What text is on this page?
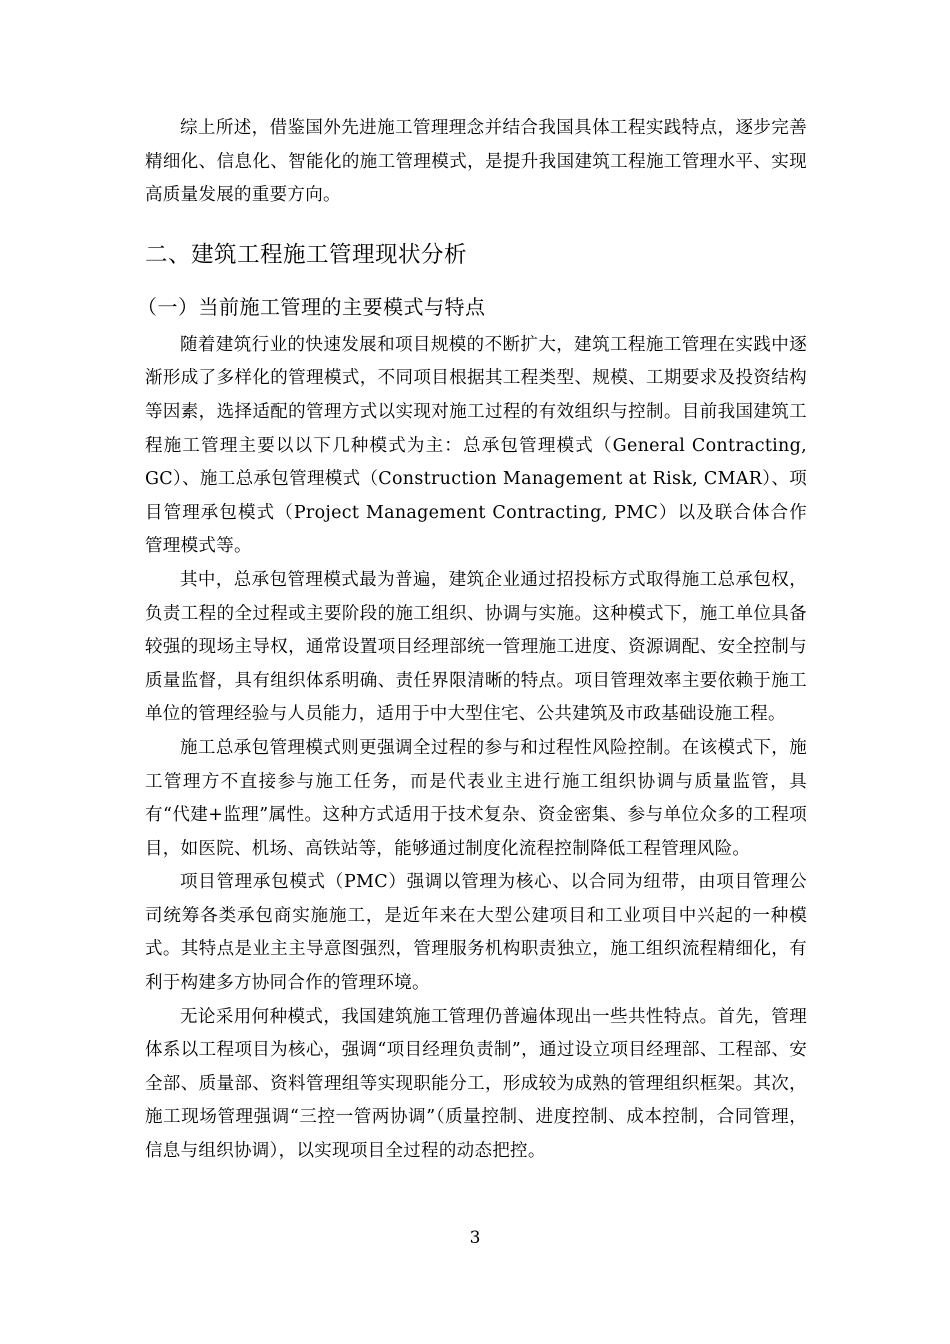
综上所述，借鉴国外先进施工管理理念并结合我国具体工程实践特点，逐步完善精细化、信息化、智能化的施工管理模式，是提升我国建筑工程施工管理水平、实现高质量发展的重要方向。

二、建筑工程施工管理现状分析
（一）当前施工管理的主要模式与特点

随着建筑行业的快速发展和项目规模的不断扩大，建筑工程施工管理在实践中逐渐形成了多样化的管理模式，不同项目根据其工程类型、规模、工期要求及投资结构等因素，选择适配的管理方式以实现对施工过程的有效组织与控制。目前我国建筑工程施工管理主要以以下几种模式为主：总承包管理模式（General Contracting, GC）、施工总承包管理模式（Construction Management at Risk, CMAR）、项目管理承包模式（Project Management Contracting, PMC）以及联合体合作管理模式等。

其中，总承包管理模式最为普遍，建筑企业通过招投标方式取得施工总承包权，负责工程的全过程或主要阶段的施工组织、协调与实施。这种模式下，施工单位具备较强的现场主导权，通常设置项目经理部统一管理施工进度、资源调配、安全控制与质量监督，具有组织体系明确、责任界限清晰的特点。项目管理效率主要依赖于施工单位的管理经验与人员能力，适用于中大型住宅、公共建筑及市政基础设施工程。

施工总承包管理模式则更强调全过程的参与和过程性风险控制。在该模式下，施工管理方不直接参与施工任务，而是代表业主进行施工组织协调与质量监管，具有“代建+监理”属性。这种方式适用于技术复杂、资金密集、参与单位众多的工程项目，如医院、机场、高铁站等，能够通过制度化流程控制降低工程管理风险。

项目管理承包模式（PMC）强调以管理为核心、以合同为纽带，由项目管理公司统筹各类承包商实施施工，是近年来在大型公建项目和工业项目中兴起的一种模式。其特点是业主主导意图强烈，管理服务机构职责独立，施工组织流程精细化，有利于构建多方协同合作的管理环境。

无论采用何种模式，我国建筑施工管理仍普遍体现出一些共性特点。首先，管理体系以工程项目为核心，强调“项目经理负责制”，通过设立项目经理部、工程部、安全部、质量部、资料管理组等实现职能分工，形成较为成熟的管理组织框架。其次，施工现场管理强调“三控一管两协调”（质量控制、进度控制、成本控制，合同管理，信息与组织协调），以实现项目全过程的动态把控。

3
